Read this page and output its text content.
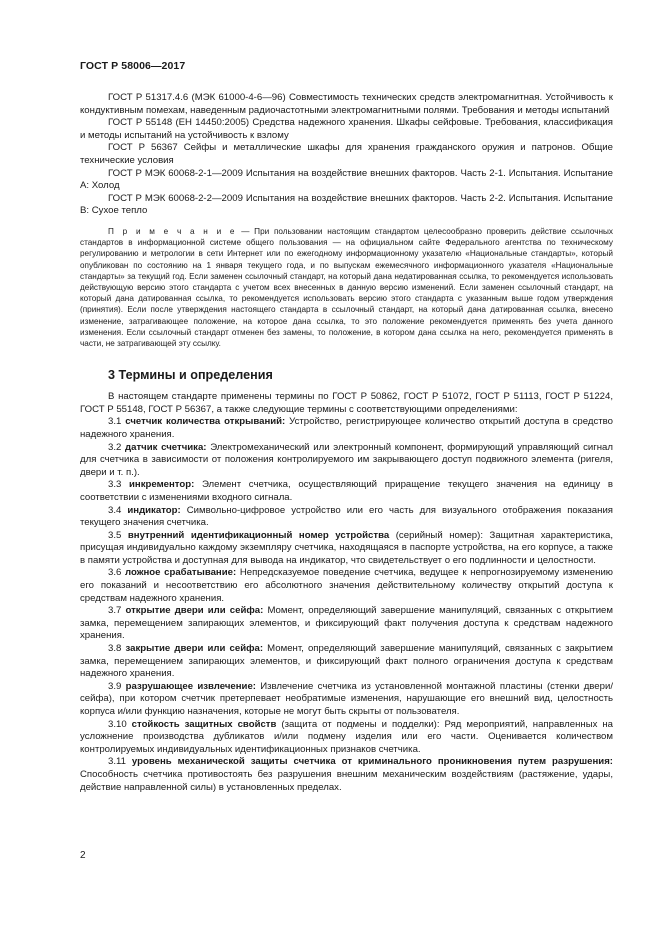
ГОСТ Р 58006—2017

ГОСТ Р 51317.4.6 (МЭК 61000-4-6—96) Совместимость технических средств электромагнитная. Устойчивость к кондуктивным помехам, наведенным радиочастотными электромагнитными полями. Требования и методы испытаний

ГОСТ Р 55148 (ЕН 14450:2005) Средства надежного хранения. Шкафы сейфовые. Требования, классификация и методы испытаний на устойчивость к взлому

ГОСТ Р 56367 Сейфы и металлические шкафы для хранения гражданского оружия и патронов. Общие технические условия

ГОСТ Р МЭК 60068-2-1—2009 Испытания на воздействие внешних факторов. Часть 2-1. Испытания. Испытание А: Холод

ГОСТ Р МЭК 60068-2-2—2009 Испытания на воздействие внешних факторов. Часть 2-2. Испытания. Испытание В: Сухое тепло

П р и м е ч а н и е — При пользовании настоящим стандартом целесообразно проверить действие ссылочных стандартов в информационной системе общего пользования — на официальном сайте Федерального агентства по техническому регулированию и метрологии в сети Интернет или по ежегодному информационному указателю «Национальные стандарты», который опубликован по состоянию на 1 января текущего года, и по выпускам ежемесячного информационного указателя «Национальные стандарты» за текущий год. Если заменен ссылочный стандарт, на который дана недатированная ссылка, то рекомендуется использовать действующую версию этого стандарта с учетом всех внесенных в данную версию изменений. Если заменен ссылочный стандарт, на который дана датированная ссылка, то рекомендуется использовать версию этого стандарта с указанным выше годом утверждения (принятия). Если после утверждения настоящего стандарта в ссылочный стандарт, на который дана датированная ссылка, внесено изменение, затрагивающее положение, на которое дана ссылка, то это положение рекомендуется применять без учета данного изменения. Если ссылочный стандарт отменен без замены, то положение, в котором дана ссылка на него, рекомендуется применять в части, не затрагивающей эту ссылку.

3 Термины и определения

В настоящем стандарте применены термины по ГОСТ Р 50862, ГОСТ Р 51072, ГОСТ Р 51113, ГОСТ Р 51224, ГОСТ Р 55148, ГОСТ Р 56367, а также следующие термины с соответствующими определениями:

3.1 счетчик количества открываний: Устройство, регистрирующее количество открытий доступа в средство надежного хранения.

3.2 датчик счетчика: Электромеханический или электронный компонент, формирующий управляющий сигнал для счетчика в зависимости от положения контролируемого им закрывающего доступ подвижного элемента (ригеля, двери и т. п.).

3.3 инкрементор: Элемент счетчика, осуществляющий приращение текущего значения на единицу в соответствии с изменениями входного сигнала.

3.4 индикатор: Символьно-цифровое устройство или его часть для визуального отображения показания текущего значения счетчика.

3.5 внутренний идентификационный номер устройства (серийный номер): Защитная характеристика, присущая индивидуально каждому экземпляру счетчика, находящаяся в паспорте устройства, на его корпусе, а также в памяти устройства и доступная для вывода на индикатор, что свидетельствует о его подлинности и целостности.

3.6 ложное срабатывание: Непредсказуемое поведение счетчика, ведущее к непрогнозируемому изменению его показаний и несоответствию его абсолютного значения действительному количеству открытий доступа к средствам надежного хранения.

3.7 открытие двери или сейфа: Момент, определяющий завершение манипуляций, связанных с открытием замка, перемещением запирающих элементов, и фиксирующий факт получения доступа к средствам надежного хранения.

3.8 закрытие двери или сейфа: Момент, определяющий завершение манипуляций, связанных с закрытием замка, перемещением запирающих элементов, и фиксирующий факт полного ограничения доступа к средствам надежного хранения.

3.9 разрушающее извлечение: Извлечение счетчика из установленной монтажной пластины (стенки двери/сейфа), при котором счетчик претерпевает необратимые изменения, нарушающие его внешний вид, целостность корпуса и/или функцию назначения, которые не могут быть скрыты от пользователя.

3.10 стойкость защитных свойств (защита от подмены и подделки): Ряд мероприятий, направленных на усложнение производства дубликатов и/или подмену изделия или его части. Оценивается количеством контролируемых индивидуальных идентификационных признаков счетчика.

3.11 уровень механической защиты счетчика от криминального проникновения путем разрушения: Способность счетчика противостоять без разрушения внешним механическим воздействиям (растяжение, удары, действие направленной силы) в установленных пределах.

2
